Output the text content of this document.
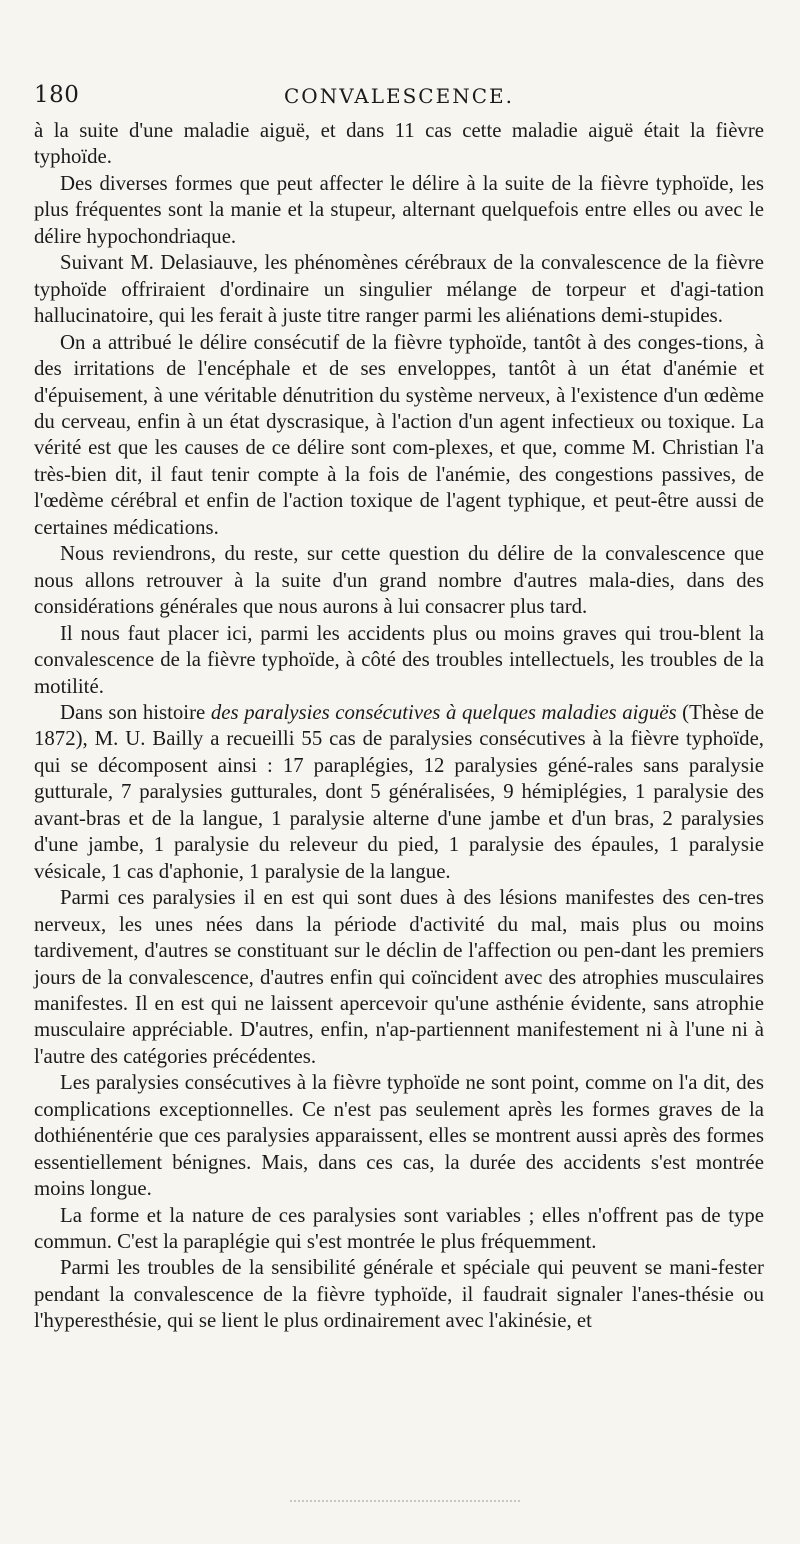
180	CONVALESCENCE.

à la suite d'une maladie aiguë, et dans 11 cas cette maladie aiguë était la fièvre typhoïde.

Des diverses formes que peut affecter le délire à la suite de la fièvre typhoïde, les plus fréquentes sont la manie et la stupeur, alternant quelquefois entre elles ou avec le délire hypochondriaque.

Suivant M. Delasiauve, les phénomènes cérébraux de la convalescence de la fièvre typhoïde offriraient d'ordinaire un singulier mélange de torpeur et d'agi-tation hallucinatoire, qui les ferait à juste titre ranger parmi les aliénations demi-stupides.

On a attribué le délire consécutif de la fièvre typhoïde, tantôt à des conges-tions, à des irritations de l'encéphale et de ses enveloppes, tantôt à un état d'anémie et d'épuisement, à une véritable dénutrition du système nerveux, à l'existence d'un œdème du cerveau, enfin à un état dyscrasique, à l'action d'un agent infectieux ou toxique. La vérité est que les causes de ce délire sont com-plexes, et que, comme M. Christian l'a très-bien dit, il faut tenir compte à la fois de l'anémie, des congestions passives, de l'œdème cérébral et enfin de l'action toxique de l'agent typhique, et peut-être aussi de certaines médications.

Nous reviendrons, du reste, sur cette question du délire de la convalescence que nous allons retrouver à la suite d'un grand nombre d'autres mala-dies, dans des considérations générales que nous aurons à lui consacrer plus tard.

Il nous faut placer ici, parmi les accidents plus ou moins graves qui trou-blent la convalescence de la fièvre typhoïde, à côté des troubles intellectuels, les troubles de la motilité.

Dans son histoire des paralysies consécutives à quelques maladies aiguës (Thèse de 1872), M. U. Bailly a recueilli 55 cas de paralysies consécutives à la fièvre typhoïde, qui se décomposent ainsi : 17 paraplégies, 12 paralysies géné-rales sans paralysie gutturale, 7 paralysies gutturales, dont 5 généralisées, 9 hémiplégies, 1 paralysie des avant-bras et de la langue, 1 paralysie alterne d'une jambe et d'un bras, 2 paralysies d'une jambe, 1 paralysie du releveur du pied, 1 paralysie des épaules, 1 paralysie vésicale, 1 cas d'aphonie, 1 paralysie de la langue.

Parmi ces paralysies il en est qui sont dues à des lésions manifestes des cen-tres nerveux, les unes nées dans la période d'activité du mal, mais plus ou moins tardivement, d'autres se constituant sur le déclin de l'affection ou pen-dant les premiers jours de la convalescence, d'autres enfin qui coïncident avec des atrophies musculaires manifestes. Il en est qui ne laissent apercevoir qu'une asthénie évidente, sans atrophie musculaire appréciable. D'autres, enfin, n'ap-partiennent manifestement ni à l'une ni à l'autre des catégories précédentes.

Les paralysies consécutives à la fièvre typhoïde ne sont point, comme on l'a dit, des complications exceptionnelles. Ce n'est pas seulement après les formes graves de la dothiénentérie que ces paralysies apparaissent, elles se montrent aussi après des formes essentiellement bénignes. Mais, dans ces cas, la durée des accidents s'est montrée moins longue.

La forme et la nature de ces paralysies sont variables ; elles n'offrent pas de type commun. C'est la paraplégie qui s'est montrée le plus fréquemment.

Parmi les troubles de la sensibilité générale et spéciale qui peuvent se mani-fester pendant la convalescence de la fièvre typhoïde, il faudrait signaler l'anes-thésie ou l'hyperesthésie, qui se lient le plus ordinairement avec l'akinésie, et
